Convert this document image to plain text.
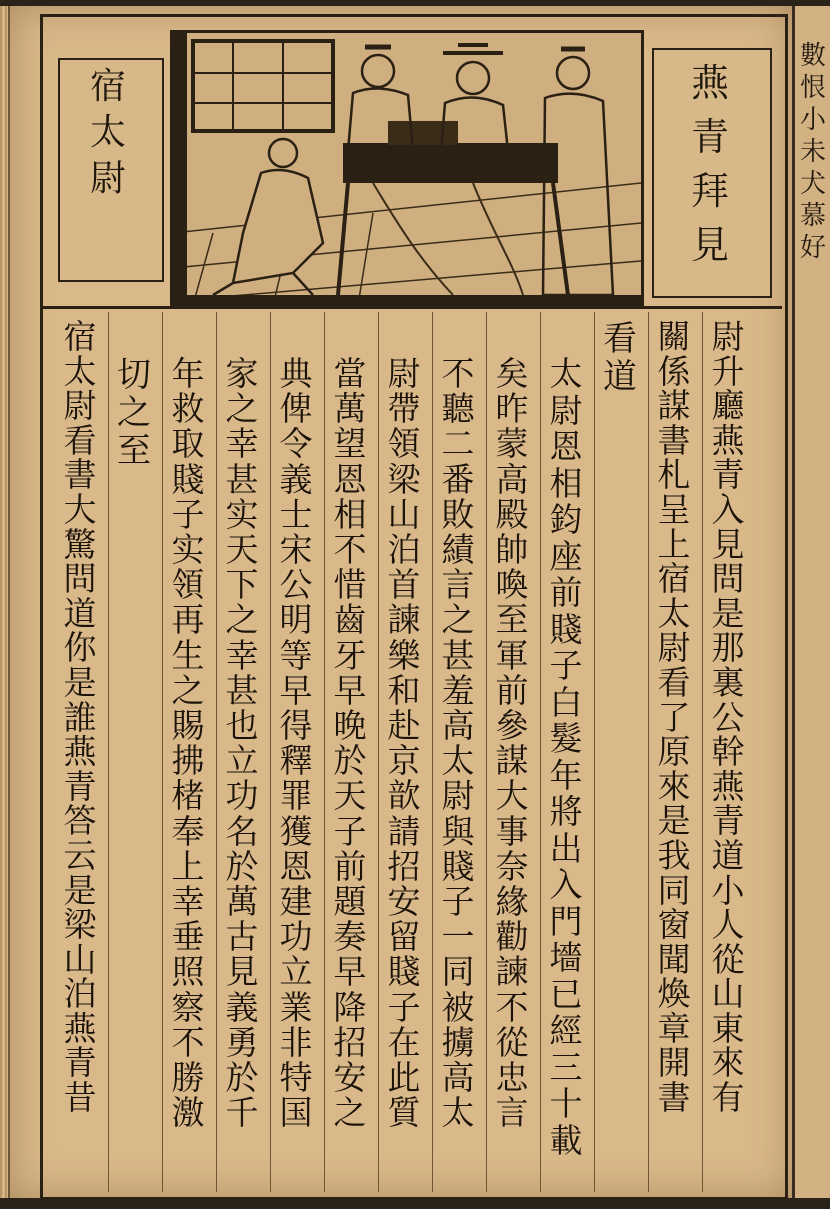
數恨小未犬慕好
宿太尉
燕青拜見
尉升廳燕青入見問是那裏公幹燕青道小人從山東來有
關係謀書札呈上宿太尉看了原來是我同窗聞煥章開書
看道
太尉恩相鈞座前賤子白髮年將出入門墻已經三十載
矣昨蒙高殿帥喚至軍前參謀大事奈緣勸諫不從忠言
不聽二番敗績言之甚羞高太尉與賤子一同被擄高太
尉帶領梁山泊首諫樂和赴京歆請招安留賤子在此質
當萬望恩相不惜齒牙早晚於天子前題奏早降招安之
典俾令義士宋公明等早得釋罪獲恩建功立業非特国
家之幸甚实天下之幸甚也立功名於萬古見義勇於千
年救取賤子实領再生之賜拂楮奉上幸垂照察不勝激
切之至
宿太尉看書大驚問道你是誰燕青答云是梁山泊燕青昔
